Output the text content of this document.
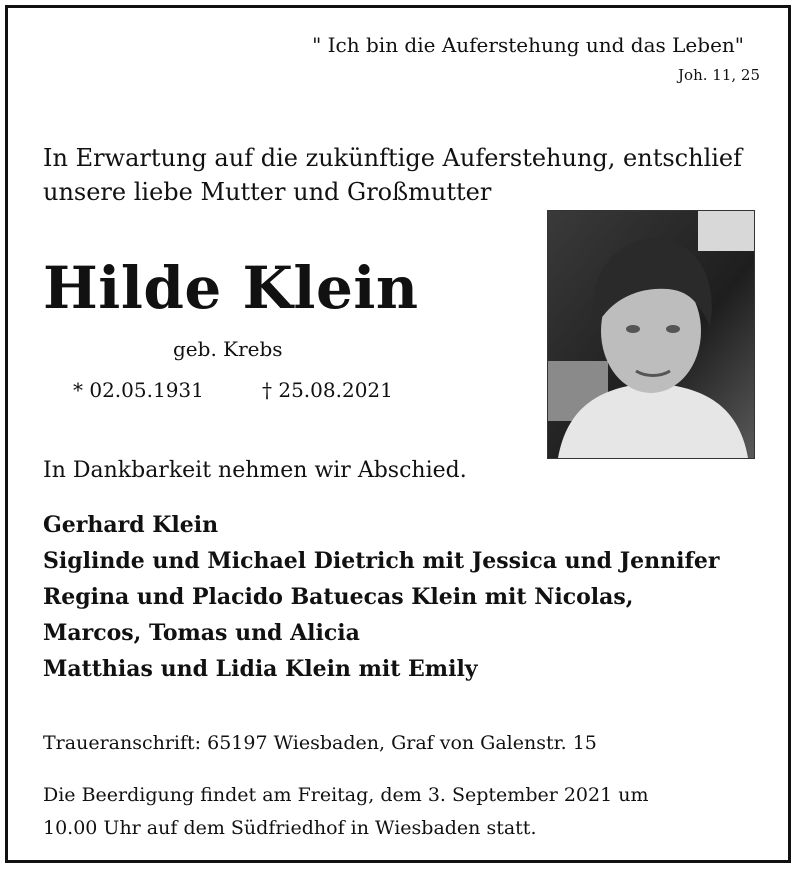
" Ich bin die Auferstehung und das Leben"
Joh. 11, 25
In Erwartung auf die zukünftige Auferstehung, entschlief
unsere liebe Mutter und Großmutter
Hilde Klein
geb. Krebs
* 02.05.1931	† 25.08.2021
In Dankbarkeit nehmen wir Abschied.
Gerhard Klein
Siglinde und Michael Dietrich mit Jessica und Jennifer
Regina und Placido Batuecas Klein mit Nicolas,
Marcos, Tomas und Alicia
Matthias und Lidia Klein mit Emily
Traueranschrift: 65197 Wiesbaden, Graf von Galenstr. 15
Die Beerdigung findet am Freitag, dem 3. September 2021 um
10.00 Uhr auf dem Südfriedhof in Wiesbaden statt.
